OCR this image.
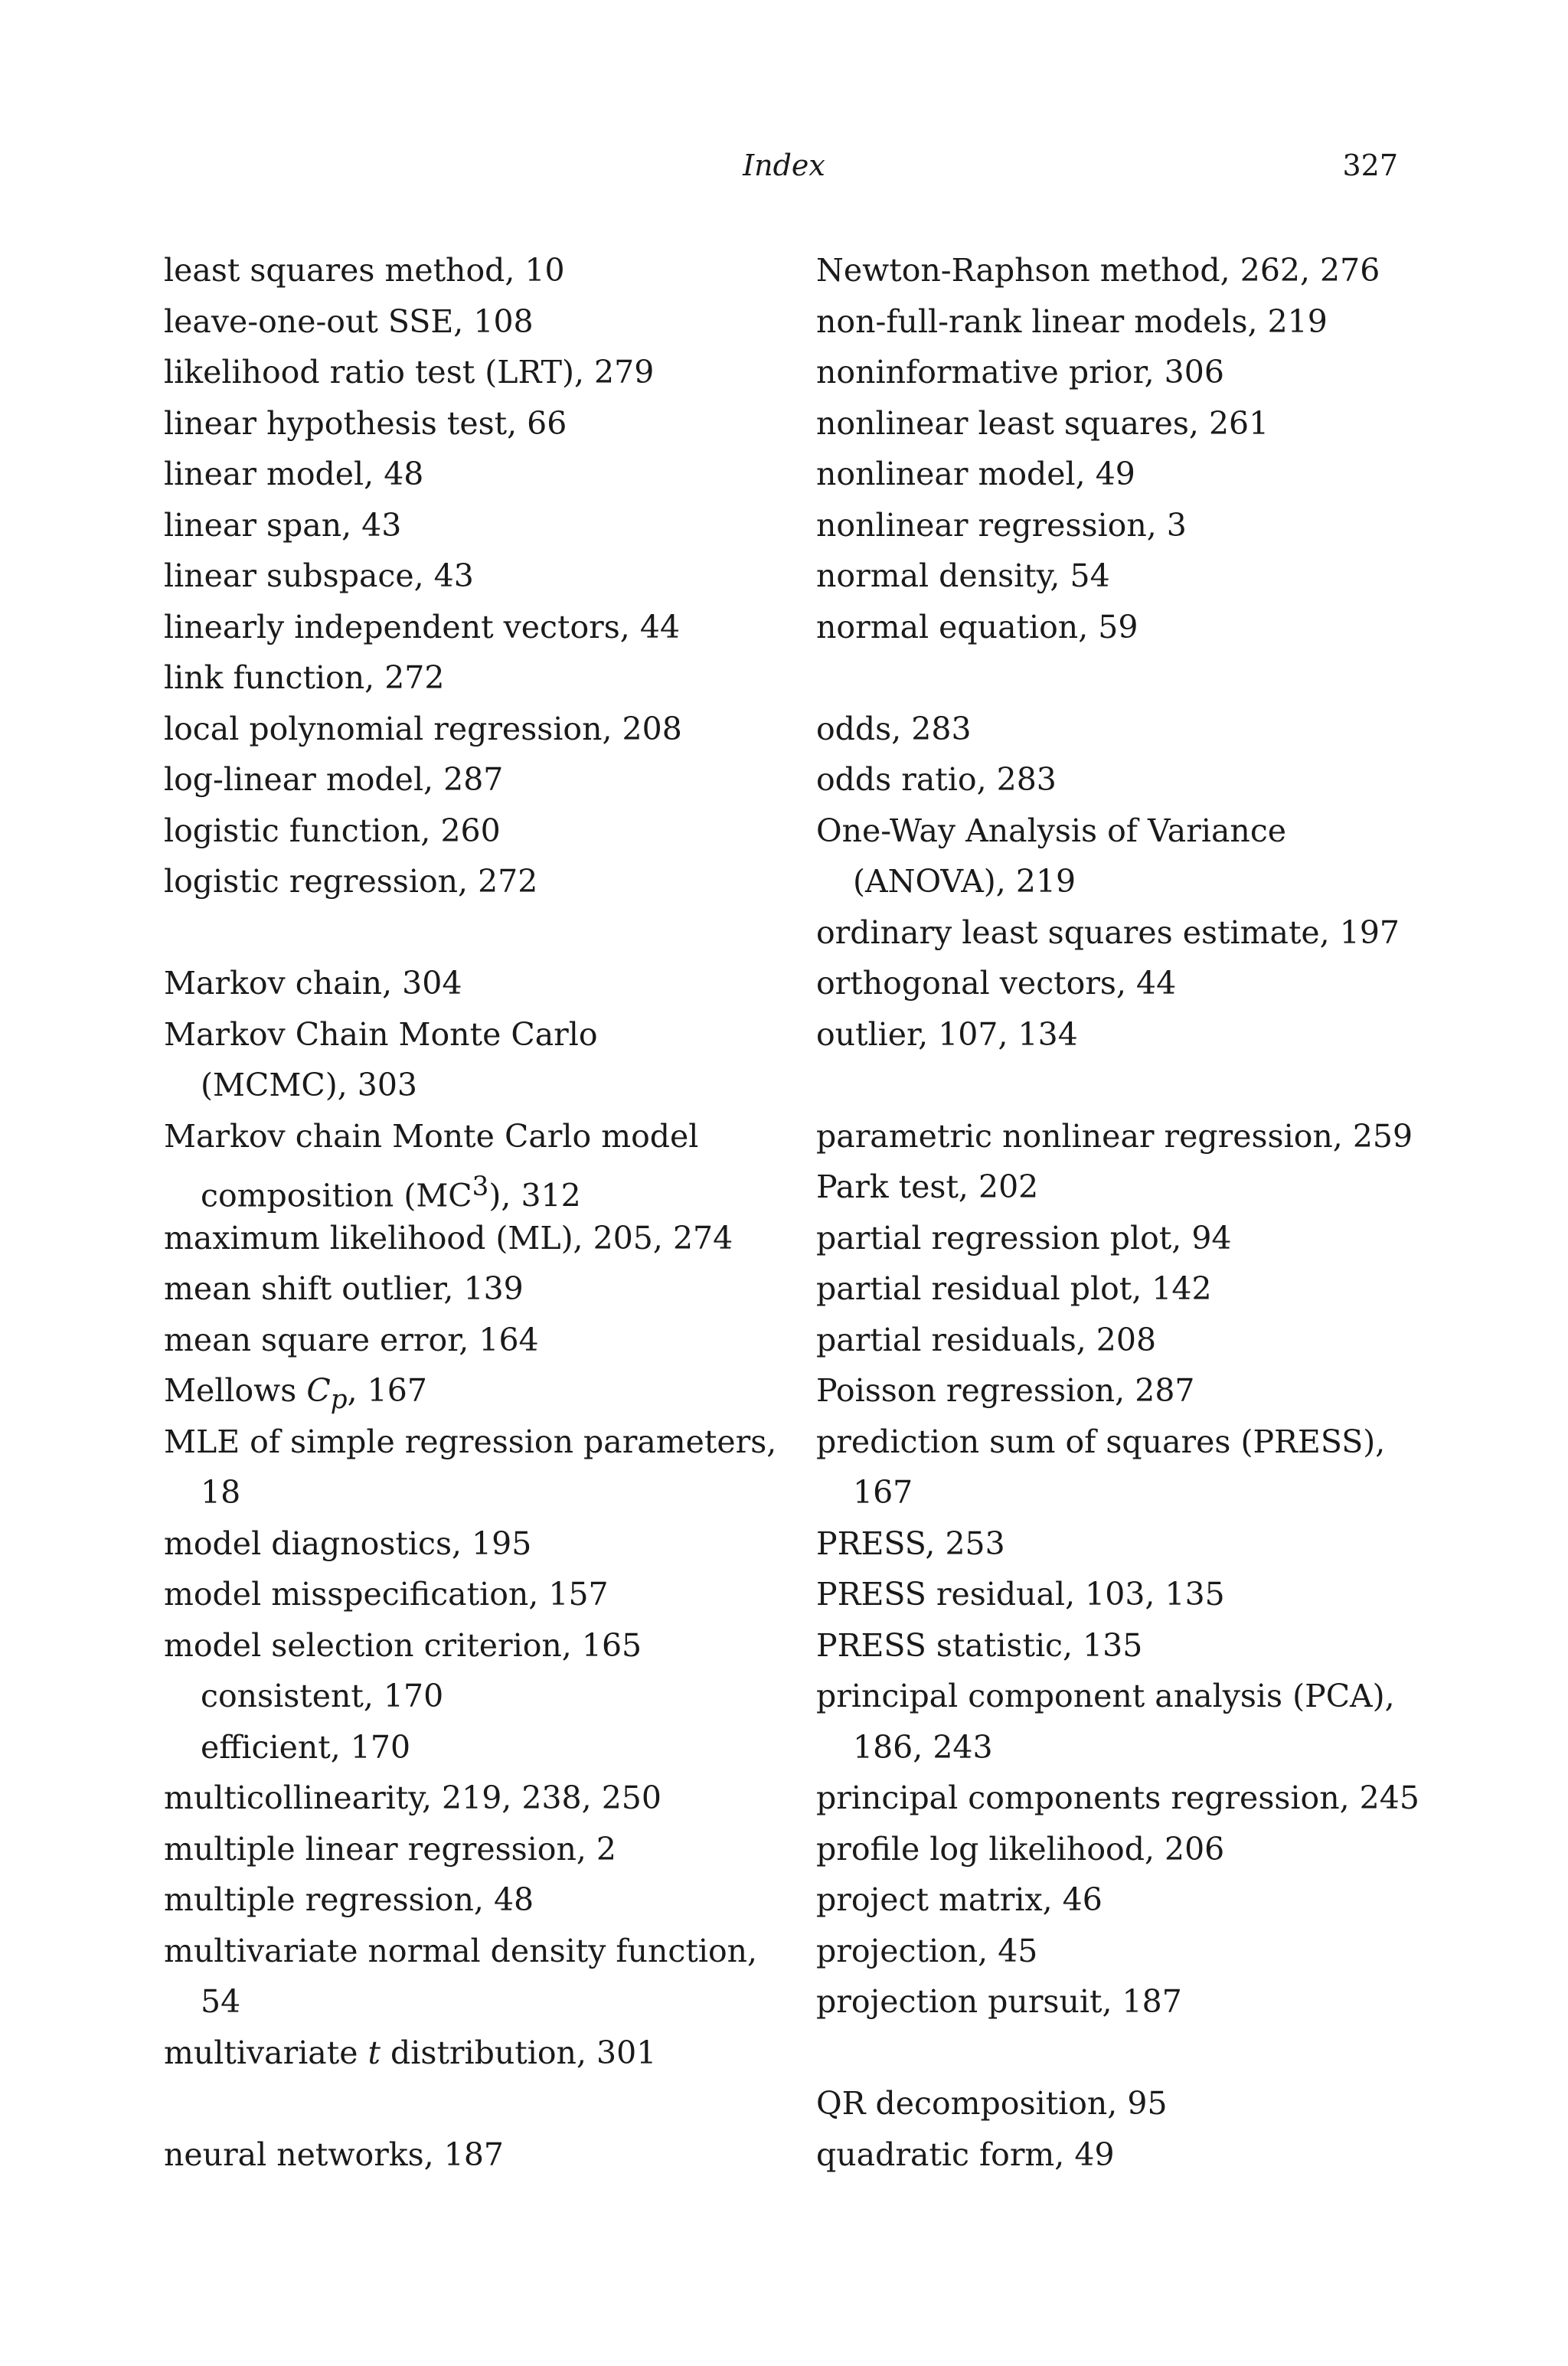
Index	327
least squares method, 10
leave-one-out SSE, 108
likelihood ratio test (LRT), 279
linear hypothesis test, 66
linear model, 48
linear span, 43
linear subspace, 43
linearly independent vectors, 44
link function, 272
local polynomial regression, 208
log-linear model, 287
logistic function, 260
logistic regression, 272
Markov chain, 304
Markov Chain Monte Carlo
(MCMC), 303
Markov chain Monte Carlo model
composition $(MC^3)$, 312
maximum likelihood (ML), 205, 274
mean shift outlier, 139
mean square error, 164
Mellows $C_p$, 167
MLE of simple regression parameters,
18
model diagnostics, 195
model misspecification, 157
model selection criterion, 165
consistent, 170
efficient, 170
multicollinearity, 219, 238, 250
multiple linear regression, 2
multiple regression, 48
multivariate normal density function,
54
multivariate t distribution, 301
neural networks, 187
Newton-Raphson method, 262, 276
non-full-rank linear models, 219
noninformative prior, 306
nonlinear least squares, 261
nonlinear model, 49
nonlinear regression, 3
normal density, 54
normal equation, 59
odds, 283
odds ratio, 283
One-Way Analysis of Variance
(ANOVA), 219
ordinary least squares estimate, 197
orthogonal vectors, 44
outlier, 107, 134
parametric nonlinear regression, 259
Park test, 202
partial regression plot, 94
partial residual plot, 142
partial residuals, 208
Poisson regression, 287
prediction sum of squares (PRESS),
167
PRESS, 253
PRESS residual, 103, 135
PRESS statistic, 135
principal component analysis (PCA),
186, 243
principal components regression, 245
profile log likelihood, 206
project matrix, 46
projection, 45
projection pursuit, 187
QR decomposition, 95
quadratic form, 49
